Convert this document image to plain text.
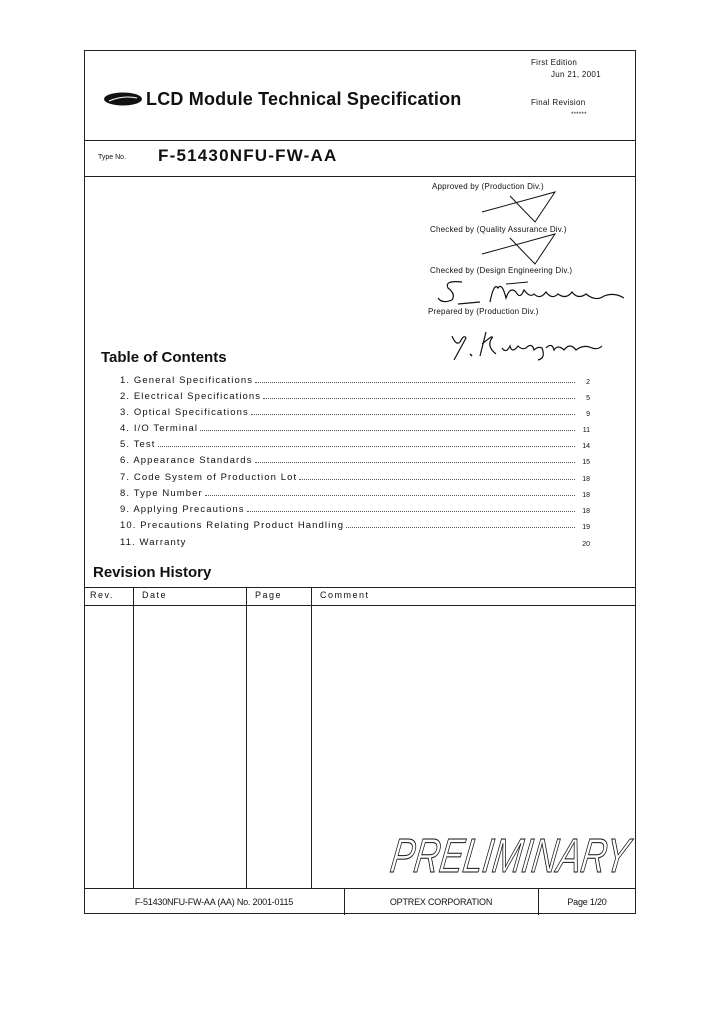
First Edition
Jun 21, 2001
Final Revision
******
LCD Module Technical Specification
Type No. F-51430NFU-FW-AA
Approved by (Production Div.)
Checked by (Quality Assurance Div.)
Checked by (Design Engineering Div.)
Prepared by (Production Div.)
Table of Contents
1. General Specifications	2
2. Electrical Specifications	5
3. Optical Specifications	9
4. I/O Terminal	11
5. Test	14
6. Appearance Standards	15
7. Code System of Production Lot	18
8. Type Number	18
9. Applying Precautions	18
10. Precautions Relating Product Handling	19
11. Warranty	20
Revision History
Rev.	Date	Page	Comment
PRELIMINARY
F-51430NFU-FW-AA (AA) No. 2001-0115	OPTREX CORPORATION	Page 1/20
